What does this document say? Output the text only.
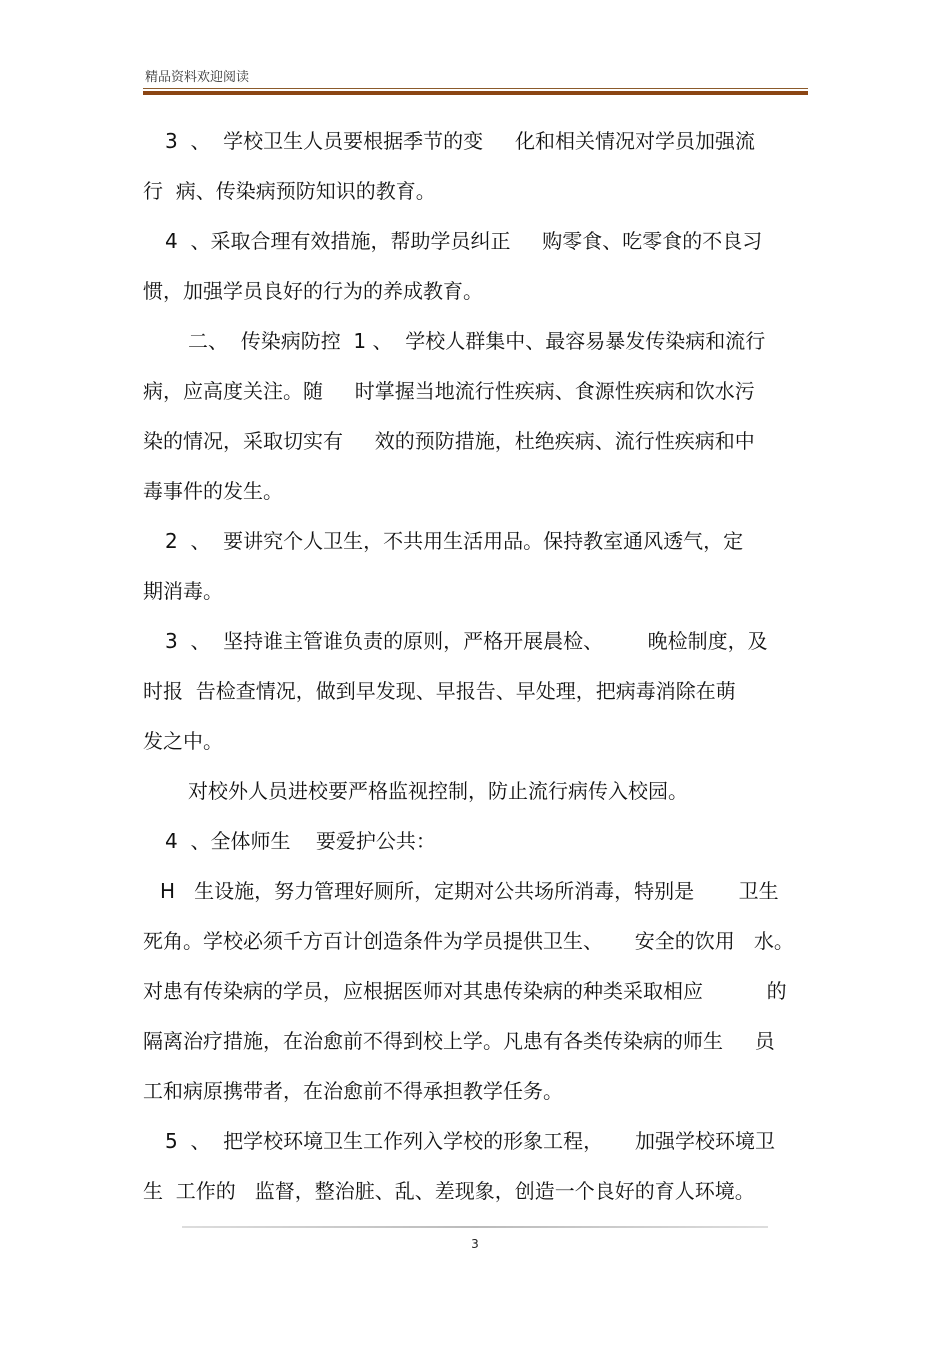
精品资料欢迎阅读
3  、  学校卫生人员要根据季节的变     化和相关情况对学员加强流
行  病、传染病预防知识的教育。
4  、采取合理有效措施，帮助学员纠正     购零食、吃零食的不良习
惯，加强学员良好的行为的养成教育。
二、  传染病防控  1 、  学校人群集中、最容易暴发传染病和流行
病，应高度关注。随     时掌握当地流行性疾病、食源性疾病和饮水污
染的情况，采取切实有     效的预防措施，杜绝疾病、流行性疾病和中
毒事件的发生。
2  、  要讲究个人卫生，不共用生活用品。保持教室通风透气，定
期消毒。
3  、  坚持谁主管谁负责的原则，严格开展晨检、       晚检制度，及
时报  告检查情况，做到早发现、早报告、早处理，把病毒消除在萌
发之中。
对校外人员进校要严格监视控制，防止流行病传入校园。
4  、全体师生    要爱护公共：
H   生设施，努力管理好厕所，定期对公共场所消毒，特别是       卫生
死角。学校必须千方百计创造条件为学员提供卫生、     安全的饮用   水。
对患有传染病的学员，应根据医师对其患传染病的种类采取相应          的
隔离治疗措施，在治愈前不得到校上学。凡患有各类传染病的师生     员
工和病原携带者，在治愈前不得承担教学任务。
5  、  把学校环境卫生工作列入学校的形象工程，     加强学校环境卫
生  工作的   监督，整治脏、乱、差现象，创造一个良好的育人环境。
3
